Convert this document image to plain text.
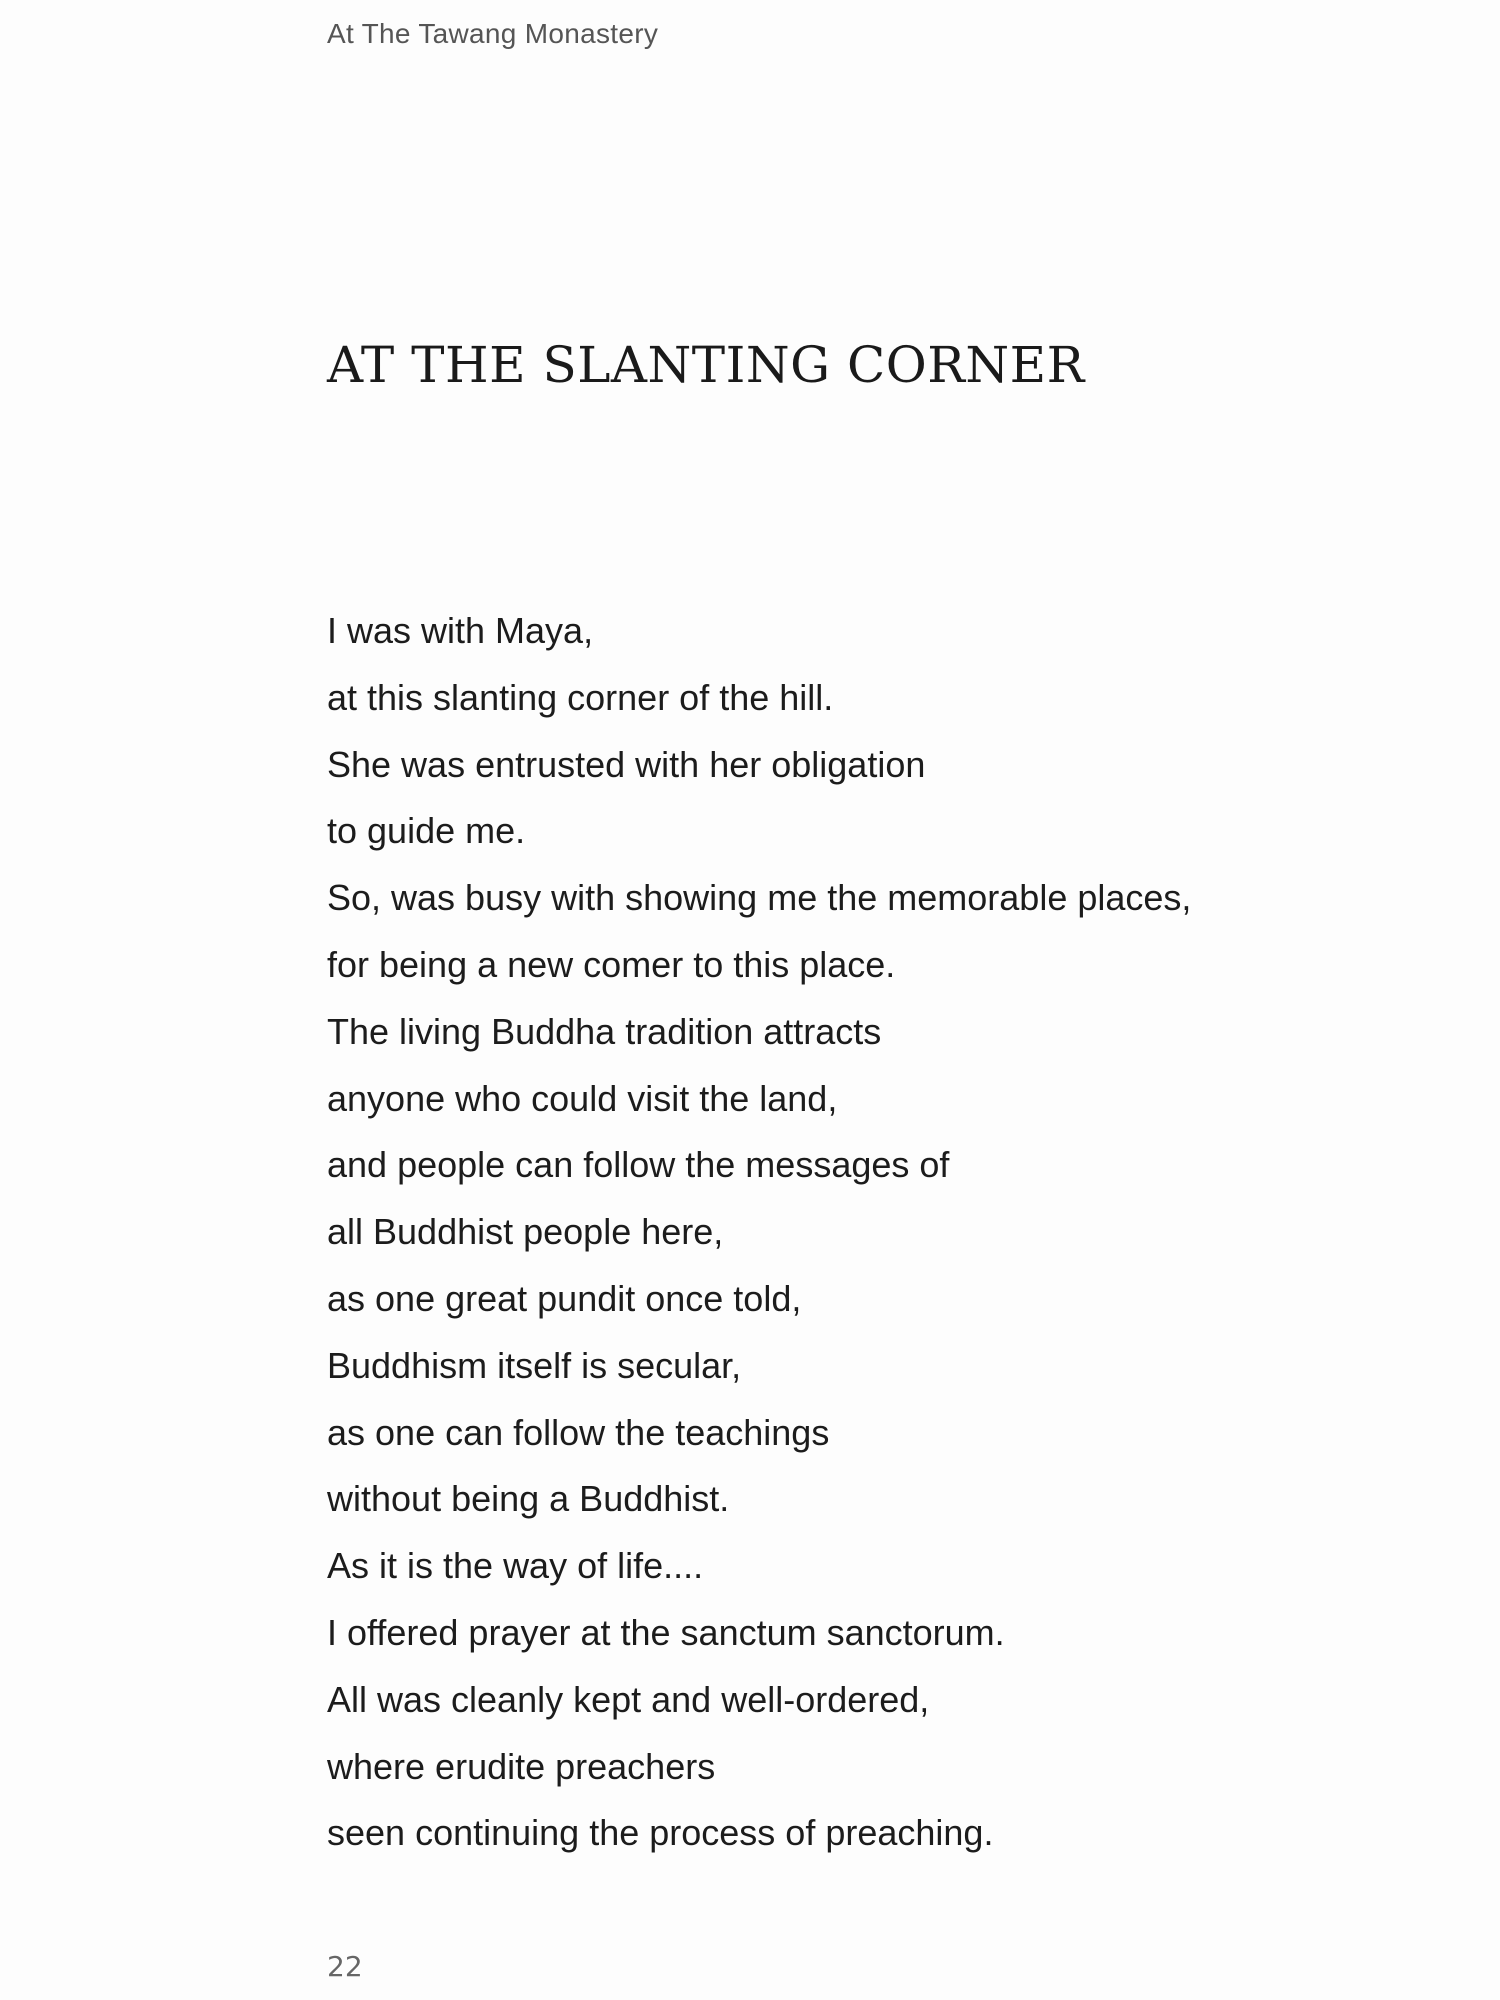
At The Tawang Monastery
AT THE SLANTING CORNER
I was with Maya,
at this slanting corner of the hill.
She was entrusted with her obligation
to guide me.
So, was busy with showing me the memorable places,
for being a new comer to this place.
The living Buddha tradition attracts
anyone who could visit the land,
and people can follow the messages of
all Buddhist people here,
as one great pundit once told,
Buddhism itself is secular,
as one can follow the teachings
without being a Buddhist.
As it is the way of life....
I offered prayer at the sanctum sanctorum.
All was cleanly kept and well-ordered,
where erudite preachers
seen continuing the process of preaching.
22
